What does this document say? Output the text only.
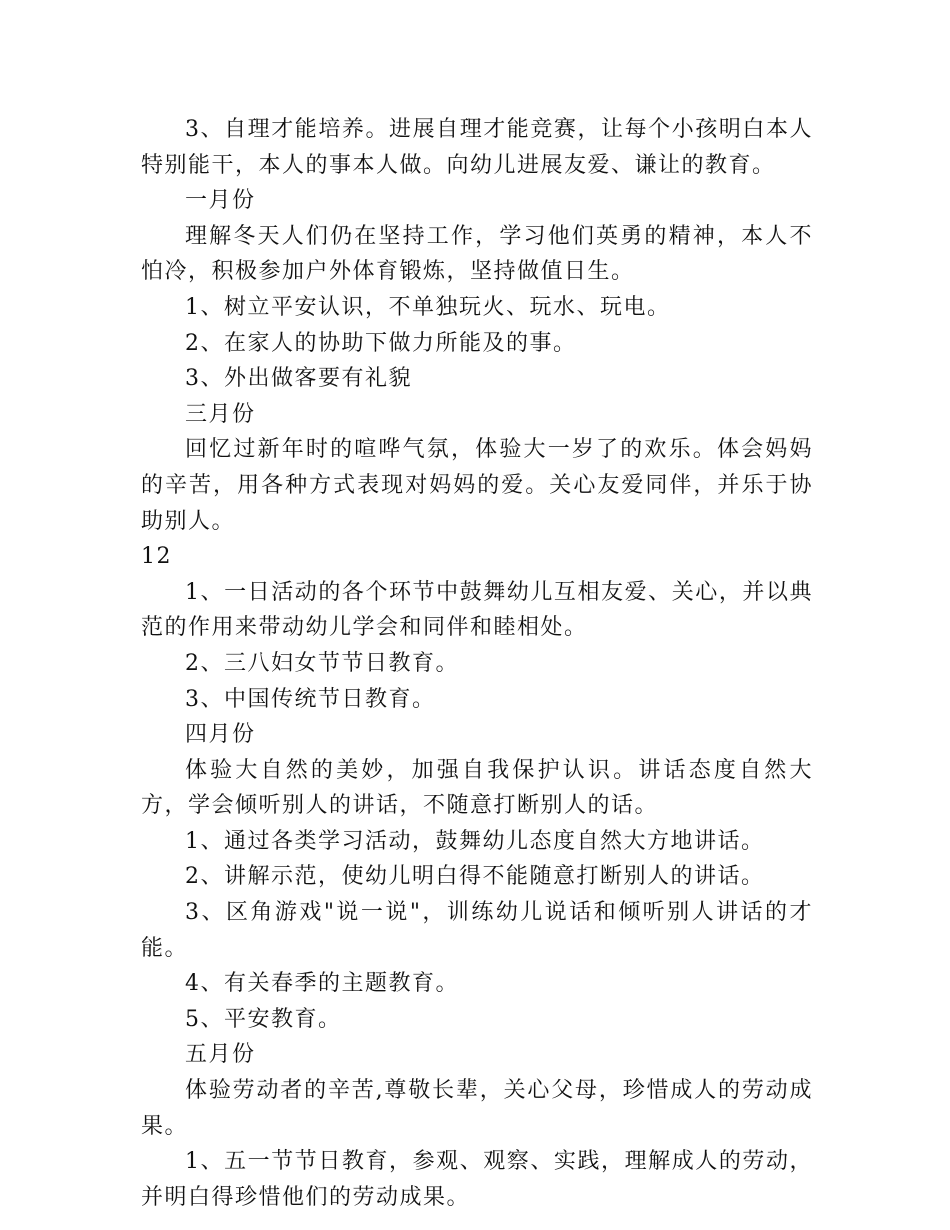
3、自理才能培养。进展自理才能竞赛，让每个小孩明白本人特别能干，本人的事本人做。向幼儿进展友爱、谦让的教育。

一月份

理解冬天人们仍在坚持工作，学习他们英勇的精神，本人不怕冷，积极参加户外体育锻炼，坚持做值日生。

1、树立平安认识，不单独玩火、玩水、玩电。

2、在家人的协助下做力所能及的事。

3、外出做客要有礼貌

三月份

回忆过新年时的喧哗气氛，体验大一岁了的欢乐。体会妈妈的辛苦，用各种方式表现对妈妈的爱。关心友爱同伴，并乐于协助别人。

12

1、一日活动的各个环节中鼓舞幼儿互相友爱、关心，并以典范的作用来带动幼儿学会和同伴和睦相处。

2、三八妇女节节日教育。

3、中国传统节日教育。

四月份

体验大自然的美妙，加强自我保护认识。讲话态度自然大方，学会倾听别人的讲话，不随意打断别人的话。

1、通过各类学习活动，鼓舞幼儿态度自然大方地讲话。

2、讲解示范，使幼儿明白得不能随意打断别人的讲话。

3、区角游戏"说一说"，训练幼儿说话和倾听别人讲话的才能。

4、有关春季的主题教育。

5、平安教育。

五月份

体验劳动者的辛苦,尊敬长辈，关心父母，珍惜成人的劳动成果。

1、五一节节日教育，参观、观察、实践，理解成人的劳动，并明白得珍惜他们的劳动成果。
